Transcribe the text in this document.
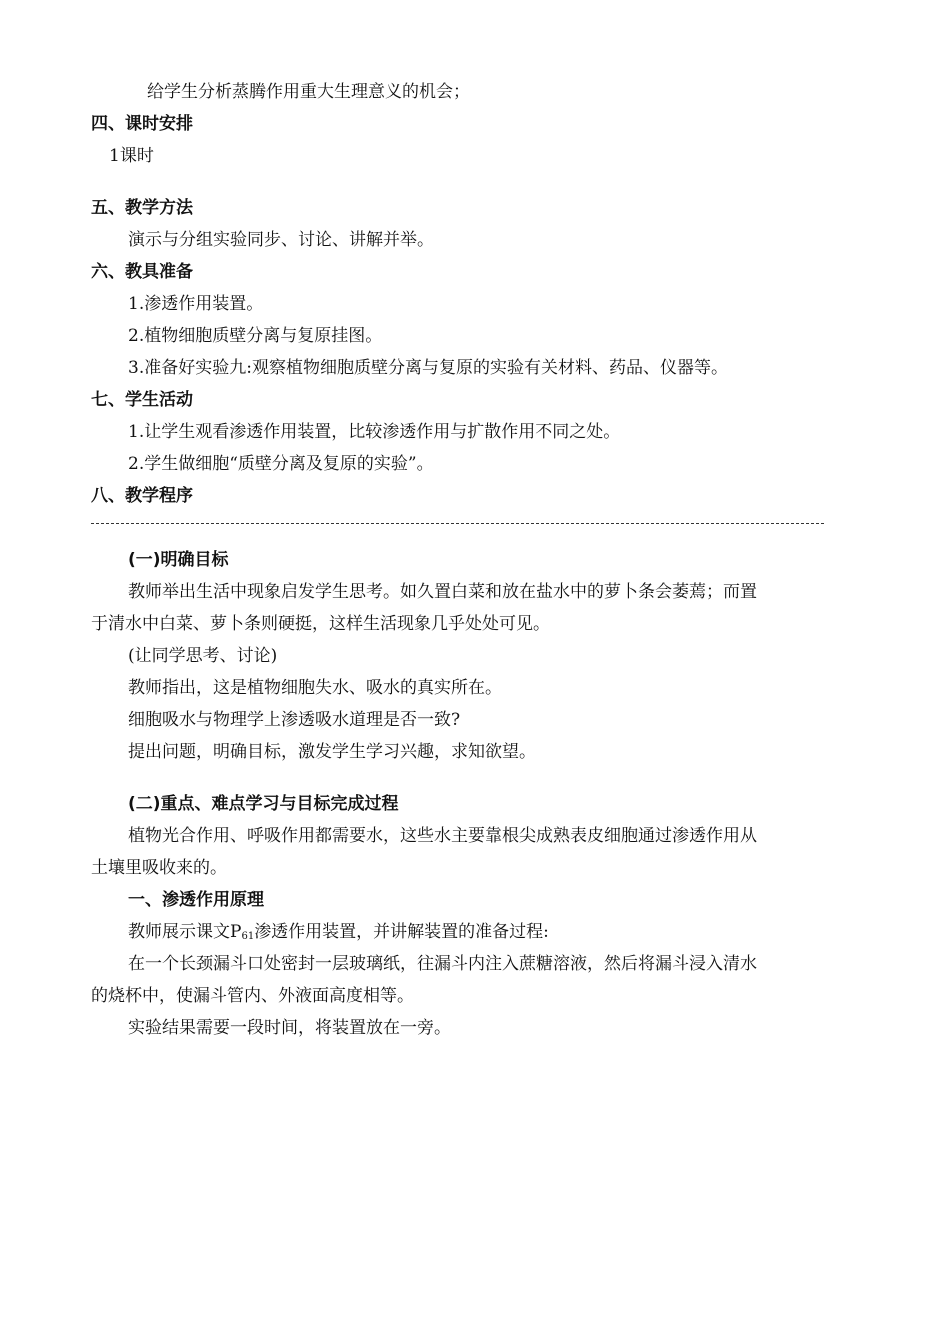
给学生分析蒸腾作用重大生理意义的机会；
四、课时安排
1课时
五、教学方法
演示与分组实验同步、讨论、讲解并举。
六、教具准备
1.渗透作用装置。
2.植物细胞质壁分离与复原挂图。
3.准备好实验九:观察植物细胞质壁分离与复原的实验有关材料、药品、仪器等。
七、学生活动
1.让学生观看渗透作用装置，比较渗透作用与扩散作用不同之处。
2.学生做细胞“质壁分离及复原的实验”。
八、教学程序
(一)明确目标
教师举出生活中现象启发学生思考。如久置白菜和放在盐水中的萝卜条会萎蔫；而置
于清水中白菜、萝卜条则硬挺，这样生活现象几乎处处可见。
(让同学思考、讨论)
教师指出，这是植物细胞失水、吸水的真实所在。
细胞吸水与物理学上渗透吸水道理是否一致?
提出问题，明确目标，激发学生学习兴趣，求知欲望。
(二)重点、难点学习与目标完成过程
植物光合作用、呼吸作用都需要水，这些水主要靠根尖成熟表皮细胞通过渗透作用从
土壤里吸收来的。
一、渗透作用原理
教师展示课文$P_{61}$渗透作用装置，并讲解装置的准备过程:
在一个长颈漏斗口处密封一层玻璃纸，往漏斗内注入蔗糖溶液，然后将漏斗浸入清水
的烧杯中，使漏斗管内、外液面高度相等。
实验结果需要一段时间，将装置放在一旁。
